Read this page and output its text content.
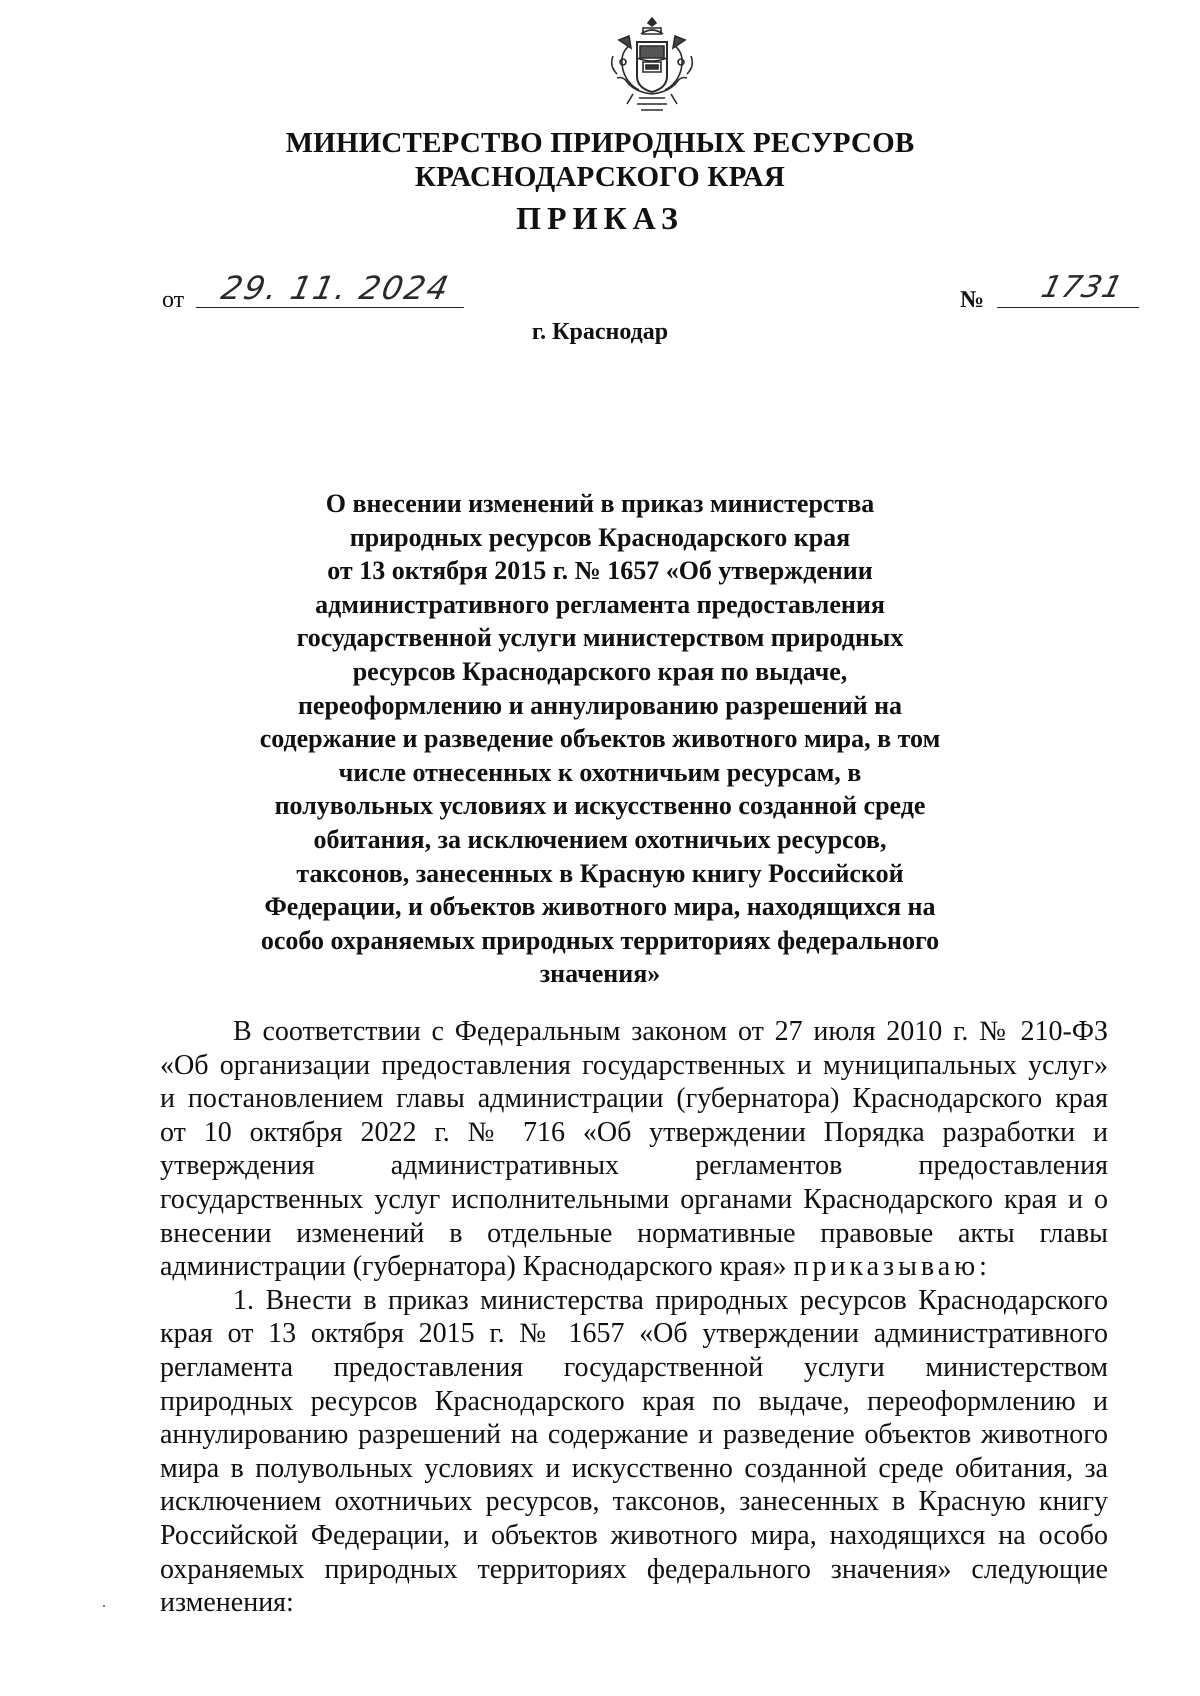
МИНИСТЕРСТВО ПРИРОДНЫХ РЕСУРСОВ
КРАСНОДАРСКОГО КРАЯ
ПРИКАЗ
от	29. 11. 2024	№	1731
г. Краснодар
О внесении изменений в приказ министерства
природных ресурсов Краснодарского края
от 13 октября 2015 г. № 1657 «Об утверждении
административного регламента предоставления
государственной услуги министерством природных
ресурсов Краснодарского края по выдаче,
переоформлению и аннулированию разрешений на
содержание и разведение объектов животного мира, в том
числе отнесенных к охотничьим ресурсам, в
полувольных условиях и искусственно созданной среде
обитания, за исключением охотничьих ресурсов,
таксонов, занесенных в Красную книгу Российской
Федерации, и объектов животного мира, находящихся на
особо охраняемых природных территориях федерального
значения»
В соответствии с Федеральным законом от 27 июля 2010 г. № 210-ФЗ
«Об организации предоставления государственных и муниципальных услуг»
и постановлением главы администрации (губернатора) Краснодарского края
от 10 октября 2022 г. № 716 «Об утверждении Порядка разработки и
утверждения административных регламентов предоставления
государственных услуг исполнительными органами Краснодарского края и о
внесении изменений в отдельные нормативные правовые акты главы
администрации (губернатора) Краснодарского края» приказываю:
1. Внести в приказ министерства природных ресурсов Краснодарского
края от 13 октября 2015 г. № 1657 «Об утверждении административного
регламента предоставления государственной услуги министерством
природных ресурсов Краснодарского края по выдаче, переоформлению и
аннулированию разрешений на содержание и разведение объектов животного
мира в полувольных условиях и искусственно созданной среде обитания, за
исключением охотничьих ресурсов, таксонов, занесенных в Красную книгу
Российской Федерации, и объектов животного мира, находящихся на особо
охраняемых природных территориях федерального значения» следующие
изменения:
